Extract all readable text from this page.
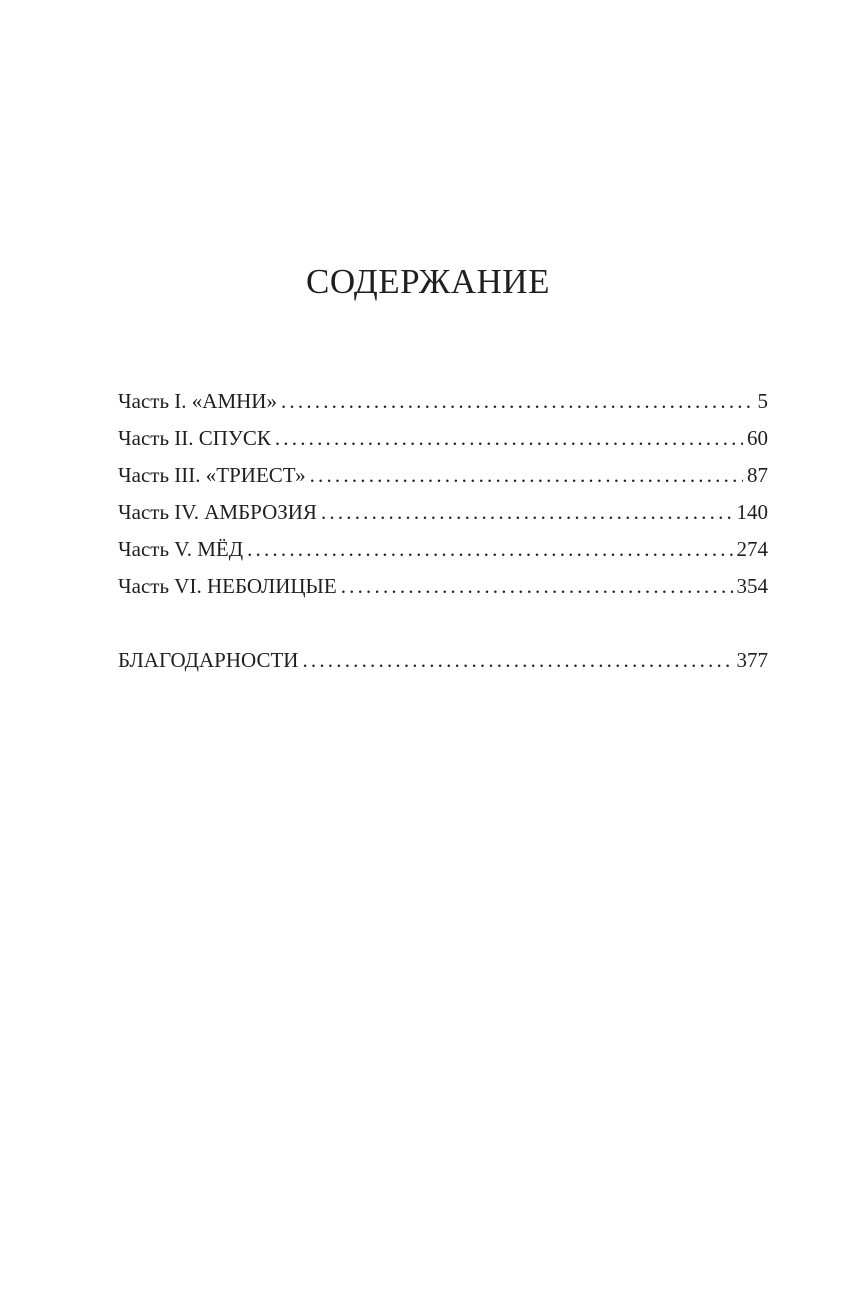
СОДЕРЖАНИЕ
Часть I. «АМНИ» .....	5
Часть II. СПУСК .....	60
Часть III. «ТРИЕСТ» .....	87
Часть IV. АМБРОЗИЯ .....	140
Часть V. МЁД .....	274
Часть VI. НЕБОЛИЦЫЕ .....	354
БЛАГОДАРНОСТИ .....	377
